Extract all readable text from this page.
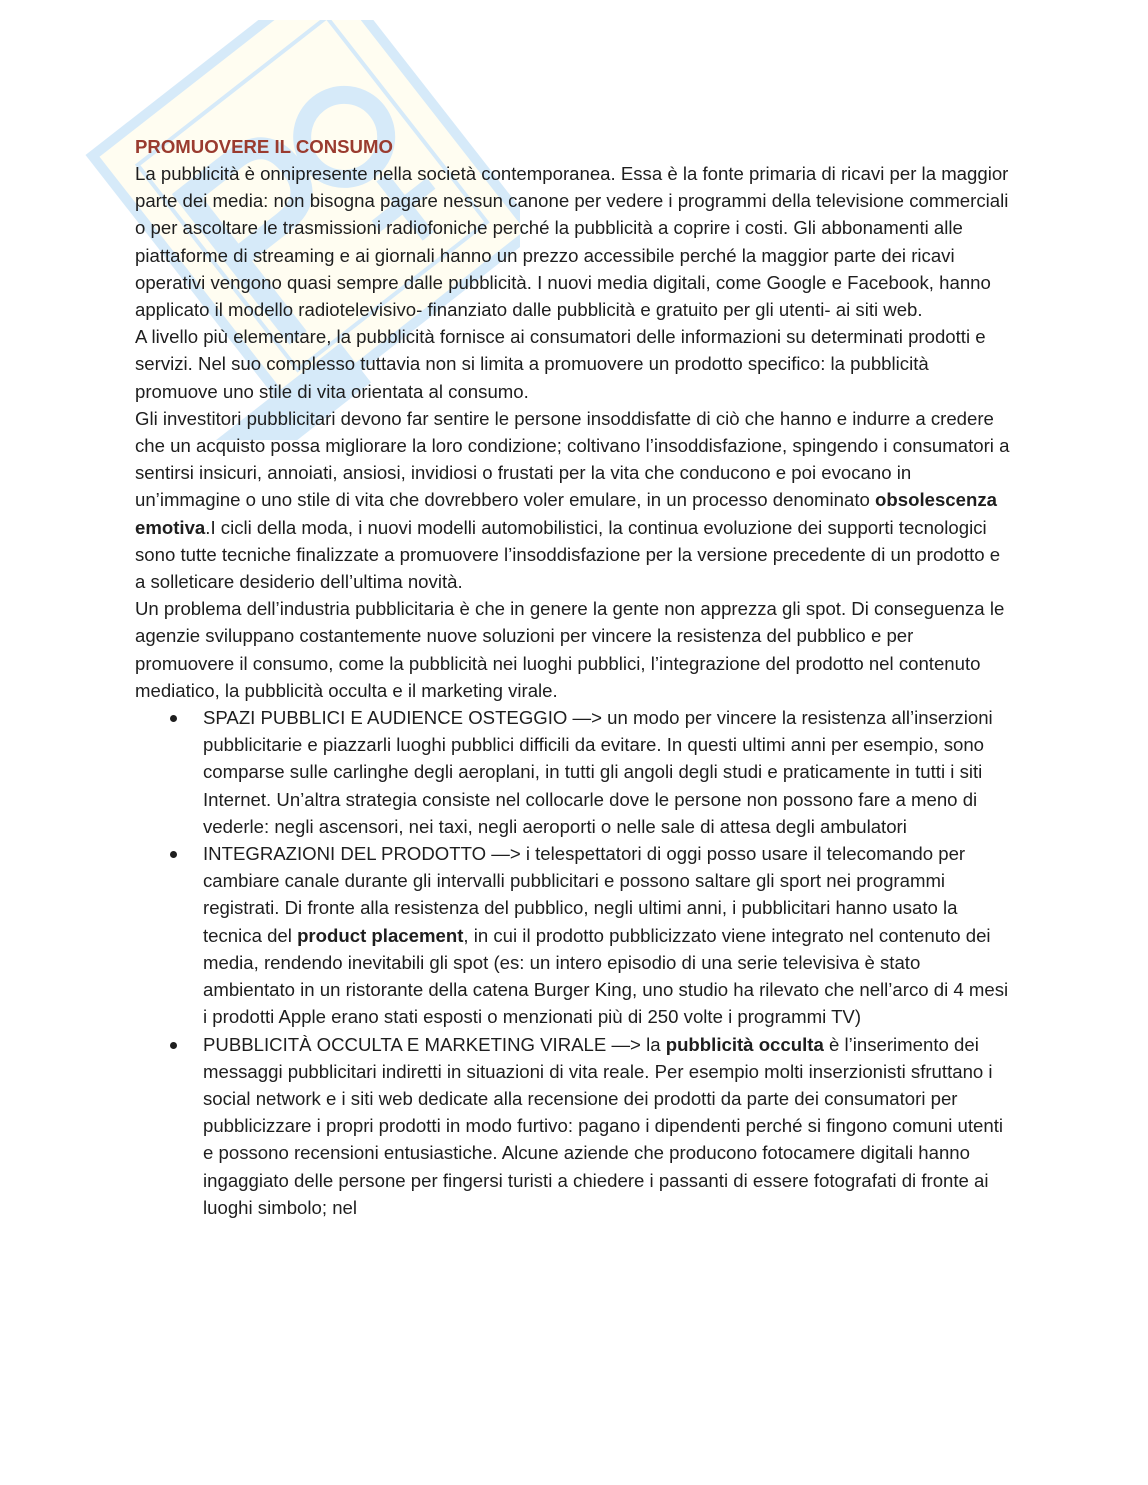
PROMUOVERE IL CONSUMO

La pubblicità è onnipresente nella società contemporanea. Essa è la fonte primaria di ricavi per la maggior parte dei media: non bisogna pagare nessun canone per vedere i programmi della televisione commerciali o per ascoltare le trasmissioni radiofoniche perché la pubblicità a coprire i costi. Gli abbonamenti alle piattaforme di streaming e ai giornali hanno un prezzo accessibile perché la maggior parte dei ricavi operativi vengono quasi sempre dalle pubblicità. I nuovi media digitali, come Google e Facebook, hanno applicato il modello radiotelevisivo- finanziato dalle pubblicità e gratuito per gli utenti- ai siti web.

A livello più elementare, la pubblicità fornisce ai consumatori delle informazioni su determinati prodotti e servizi. Nel suo complesso tuttavia non si limita a promuovere un prodotto specifico: la pubblicità promuove uno stile di vita orientata al consumo.

Gli investitori pubblicitari devono far sentire le persone insoddisfatte di ciò che hanno e indurre a credere che un acquisto possa migliorare la loro condizione; coltivano l’insoddisfazione, spingendo i consumatori a sentirsi insicuri, annoiati, ansiosi, invidiosi o frustati per la vita che conducono e poi evocano in un’immagine o uno stile di vita che dovrebbero voler emulare, in un processo denominato obsolescenza emotiva.I cicli della moda, i nuovi modelli automobilistici, la continua evoluzione dei supporti tecnologici sono tutte tecniche finalizzate a promuovere l’insoddisfazione per la versione precedente di un prodotto e a solleticare desiderio dell’ultima novità.

Un problema dell’industria pubblicitaria è che in genere la gente non apprezza gli spot. Di conseguenza le agenzie sviluppano costantemente nuove soluzioni per vincere la resistenza del pubblico e per promuovere il consumo, come la pubblicità nei luoghi pubblici, l’integrazione del prodotto nel contenuto mediatico, la pubblicità occulta e il marketing virale.

SPAZI PUBBLICI E AUDIENCE OSTEGGIO —> un modo per vincere la resistenza all’inserzioni pubblicitarie e piazzarli luoghi pubblici difficili da evitare. In questi ultimi anni per esempio, sono comparse sulle carlinghe degli aeroplani, in tutti gli angoli degli studi e praticamente in tutti i siti Internet. Un’altra strategia consiste nel collocarle dove le persone non possono fare a meno di vederle: negli ascensori, nei taxi, negli aeroporti o nelle sale di attesa degli ambulatori
INTEGRAZIONI DEL PRODOTTO —> i telespettatori di oggi posso usare il telecomando per cambiare canale durante gli intervalli pubblicitari e possono saltare gli sport nei programmi registrati. Di fronte alla resistenza del pubblico, negli ultimi anni, i pubblicitari hanno usato la tecnica del product placement, in cui il prodotto pubblicizzato viene integrato nel contenuto dei media, rendendo inevitabili gli spot (es: un intero episodio di una serie televisiva è stato ambientato in un ristorante della catena Burger King, uno studio ha rilevato che nell’arco di 4 mesi i prodotti Apple erano stati esposti o menzionati più di 250 volte i programmi TV)
PUBBLICITÀ OCCULTA E MARKETING VIRALE —> la pubblicità occulta è l’inserimento dei messaggi pubblicitari indiretti in situazioni di vita reale. Per esempio molti inserzionisti sfruttano i social network e i siti web dedicate alla recensione dei prodotti da parte dei consumatori per pubblicizzare i propri prodotti in modo furtivo: pagano i dipendenti perché si fingono comuni utenti e possono recensioni entusiastiche. Alcune aziende che producono fotocamere digitali hanno ingaggiato delle persone per fingersi turisti a chiedere i passanti di essere fotografati di fronte ai luoghi simbolo; nel
